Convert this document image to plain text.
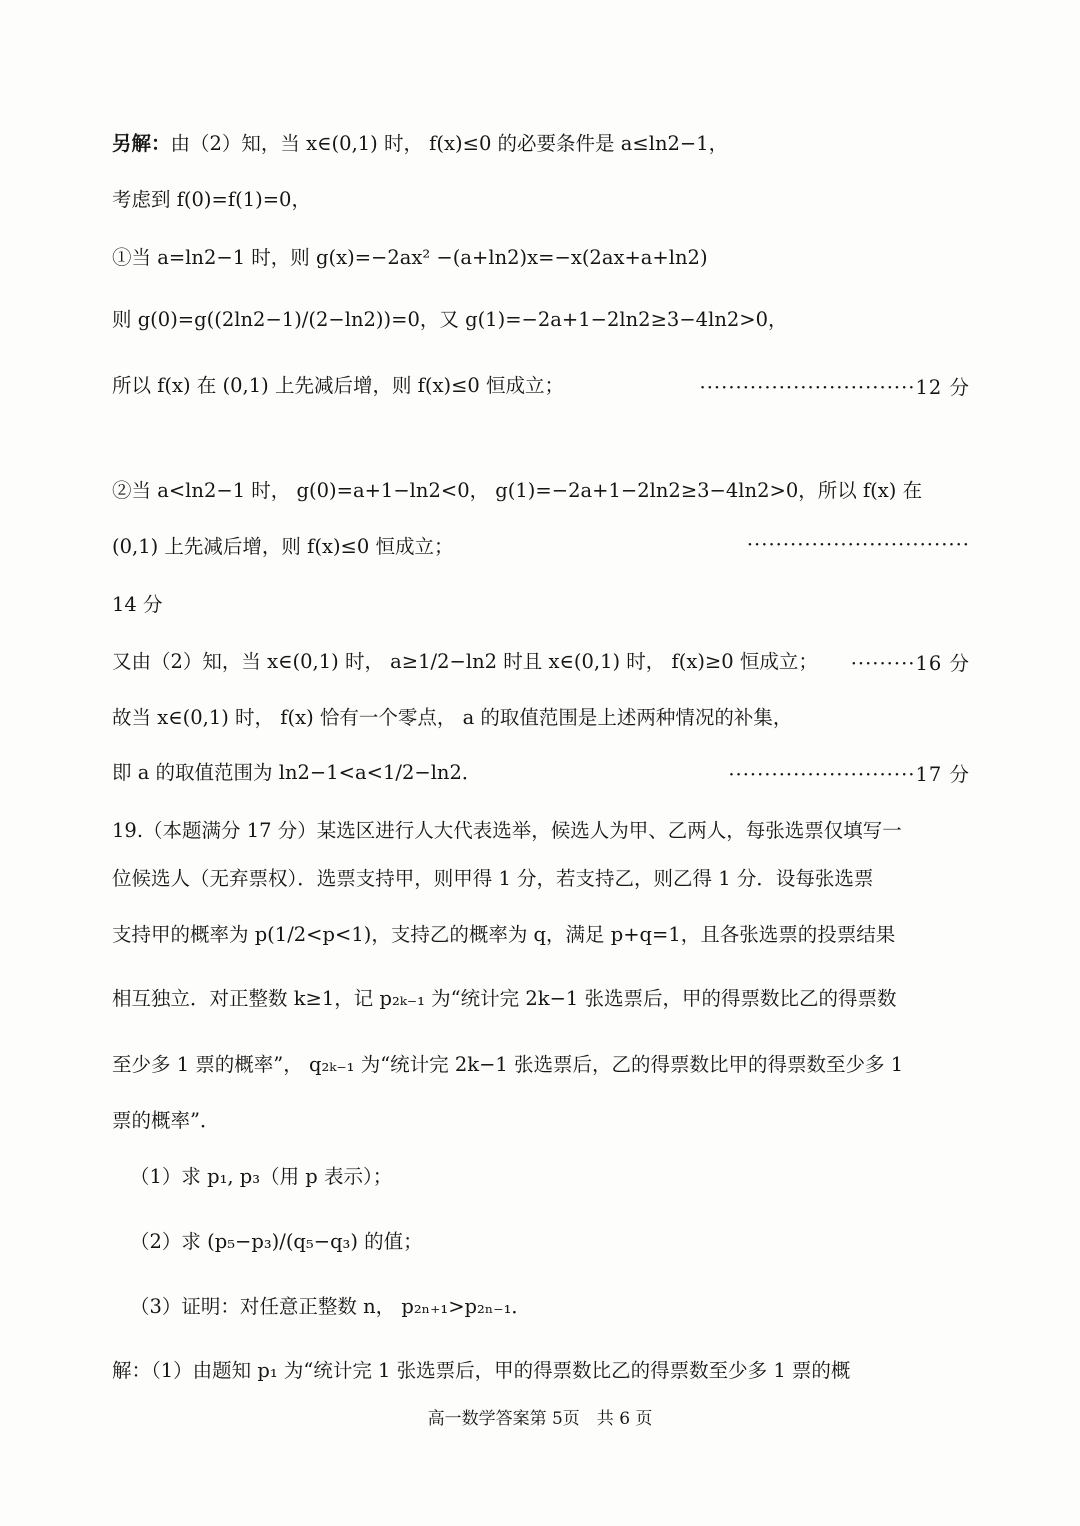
另解：由（2）知，当 x∈(0,1) 时， f(x)≤0 的必要条件是 a≤ln2−1，
考虑到 f(0)=f(1)=0，
①当 a=ln2−1 时，则 g(x)=−2ax² −(a+ln2)x=−x(2ax+a+ln2)
则 g(0)=g((2ln2−1)/(2−ln2))=0，又 g(1)=−2a+1−2ln2≥3−4ln2>0，
所以 f(x) 在 (0,1) 上先减后增，则 f(x)≤0 恒成立；	······························12 分
②当 a<ln2−1 时， g(0)=a+1−ln2<0， g(1)=−2a+1−2ln2≥3−4ln2>0，所以 f(x) 在
(0,1) 上先减后增，则 f(x)≤0 恒成立；	·······························
14 分
又由（2）知，当 x∈(0,1) 时， a≥1/2−ln2 时且 x∈(0,1) 时， f(x)≥0 恒成立；	·········16 分
故当 x∈(0,1) 时， f(x) 恰有一个零点， a 的取值范围是上述两种情况的补集，
即 a 的取值范围为 ln2−1<a<1/2−ln2．	··························17 分
19.（本题满分 17 分）某选区进行人大代表选举，候选人为甲、乙两人，每张选票仅填写一
位候选人（无弃票权）．选票支持甲，则甲得 1 分，若支持乙，则乙得 1 分．设每张选票
支持甲的概率为 p(1/2<p<1)，支持乙的概率为 q，满足 p+q=1，且各张选票的投票结果
相互独立．对正整数 k≥1，记 p₂ₖ₋₁ 为“统计完 2k−1 张选票后，甲的得票数比乙的得票数
至少多 1 票的概率”， q₂ₖ₋₁ 为“统计完 2k−1 张选票后，乙的得票数比甲的得票数至少多 1
票的概率”．
（1）求 p₁, p₃（用 p 表示）；
（2）求 (p₅−p₃)/(q₅−q₃) 的值；
（3）证明：对任意正整数 n， p₂ₙ₊₁>p₂ₙ₋₁．
解：（1）由题知 p₁ 为“统计完 1 张选票后，甲的得票数比乙的得票数至少多 1 票的概
高一数学答案第 5页　共 6 页
